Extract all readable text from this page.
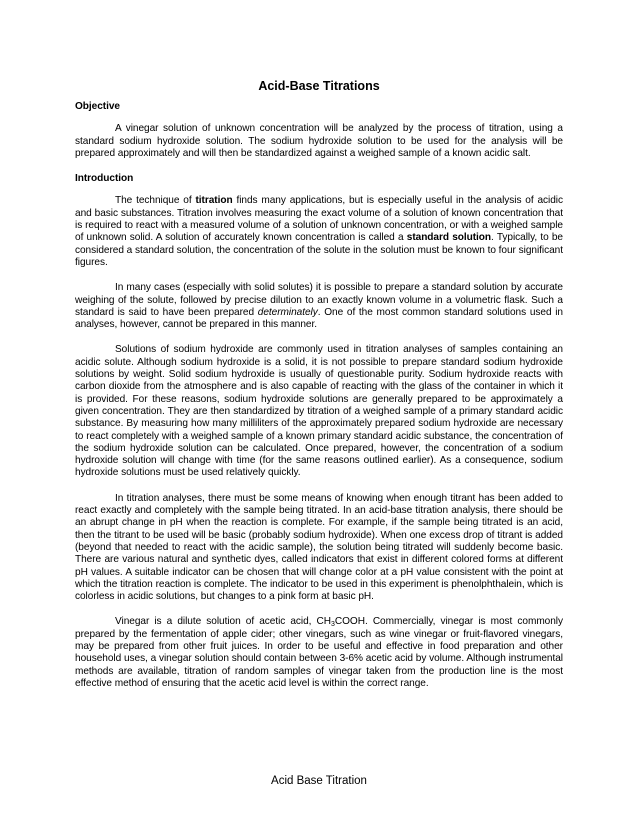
Acid-Base Titrations
Objective

A vinegar solution of unknown concentration will be analyzed by the process of titration, using a standard sodium hydroxide solution. The sodium hydroxide solution to be used for the analysis will be prepared approximately and will then be standardized against a weighed sample of a known acidic salt.

Introduction

The technique of titration finds many applications, but is especially useful in the analysis of acidic and basic substances. Titration involves measuring the exact volume of a solution of known concentration that is required to react with a measured volume of a solution of unknown concentration, or with a weighed sample of unknown solid. A solution of accurately known concentration is called a standard solution. Typically, to be considered a standard solution, the concentration of the solute in the solution must be known to four significant figures.

In many cases (especially with solid solutes) it is possible to prepare a standard solution by accurate weighing of the solute, followed by precise dilution to an exactly known volume in a volumetric flask. Such a standard is said to have been prepared determinately. One of the most common standard solutions used in analyses, however, cannot be prepared in this manner.

Solutions of sodium hydroxide are commonly used in titration analyses of samples containing an acidic solute. Although sodium hydroxide is a solid, it is not possible to prepare standard sodium hydroxide solutions by weight. Solid sodium hydroxide is usually of questionable purity. Sodium hydroxide reacts with carbon dioxide from the atmosphere and is also capable of reacting with the glass of the container in which it is provided. For these reasons, sodium hydroxide solutions are generally prepared to be approximately a given concentration. They are then standardized by titration of a weighed sample of a primary standard acidic substance. By measuring how many milliliters of the approximately prepared sodium hydroxide are necessary to react completely with a weighed sample of a known primary standard acidic substance, the concentration of the sodium hydroxide solution can be calculated. Once prepared, however, the concentration of a sodium hydroxide solution will change with time (for the same reasons outlined earlier). As a consequence, sodium hydroxide solutions must be used relatively quickly.

In titration analyses, there must be some means of knowing when enough titrant has been added to react exactly and completely with the sample being titrated. In an acid-base titration analysis, there should be an abrupt change in pH when the reaction is complete. For example, if the sample being titrated is an acid, then the titrant to be used will be basic (probably sodium hydroxide). When one excess drop of titrant is added (beyond that needed to react with the acidic sample), the solution being titrated will suddenly become basic. There are various natural and synthetic dyes, called indicators that exist in different colored forms at different pH values. A suitable indicator can be chosen that will change color at a pH value consistent with the point at which the titration reaction is complete. The indicator to be used in this experiment is phenolphthalein, which is colorless in acidic solutions, but changes to a pink form at basic pH.

Vinegar is a dilute solution of acetic acid, $CH_3COOH$. Commercially, vinegar is most commonly prepared by the fermentation of apple cider; other vinegars, such as wine vinegar or fruit-flavored vinegars, may be prepared from other fruit juices. In order to be useful and effective in food preparation and other household uses, a vinegar solution should contain between 3-6% acetic acid by volume. Although instrumental methods are available, titration of random samples of vinegar taken from the production line is the most effective method of ensuring that the acetic acid level is within the correct range.

Acid Base Titration
